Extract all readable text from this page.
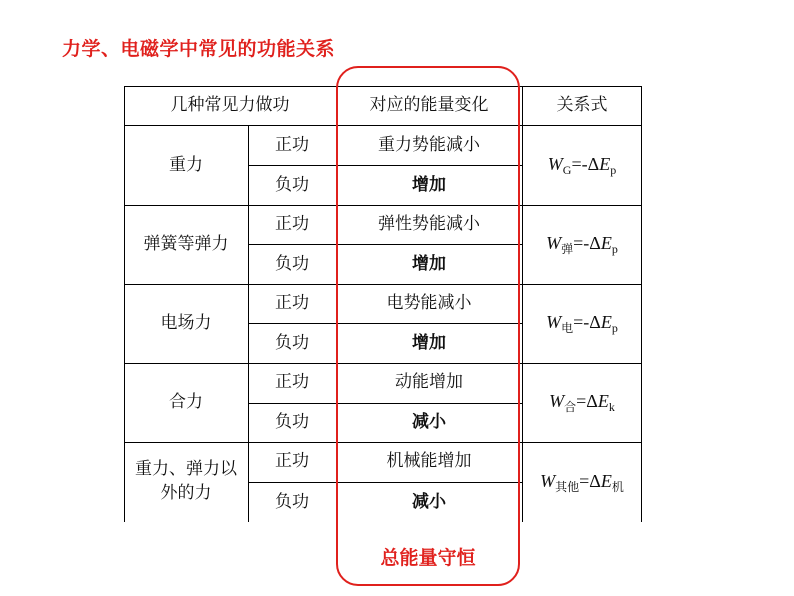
力学、电磁学中常见的功能关系
几种常见力做功	对应的能量变化	关系式
重力
正功
负功
重力势能减小
增加
$W_G=-\Delta E_p$
弹簧等弹力
正功
负功
弹性势能减小
增加
$W_弹=-\Delta E_p$
电场力
正功
负功
电势能减小
增加
$W_电=-\Delta E_p$
合力
正功
负功
动能增加
减小
$W_合=\Delta E_k$
重力、弹力以外的力
正功
负功
机械能增加
减小
$W_{其他}=\Delta E_机$
总能量守恒
